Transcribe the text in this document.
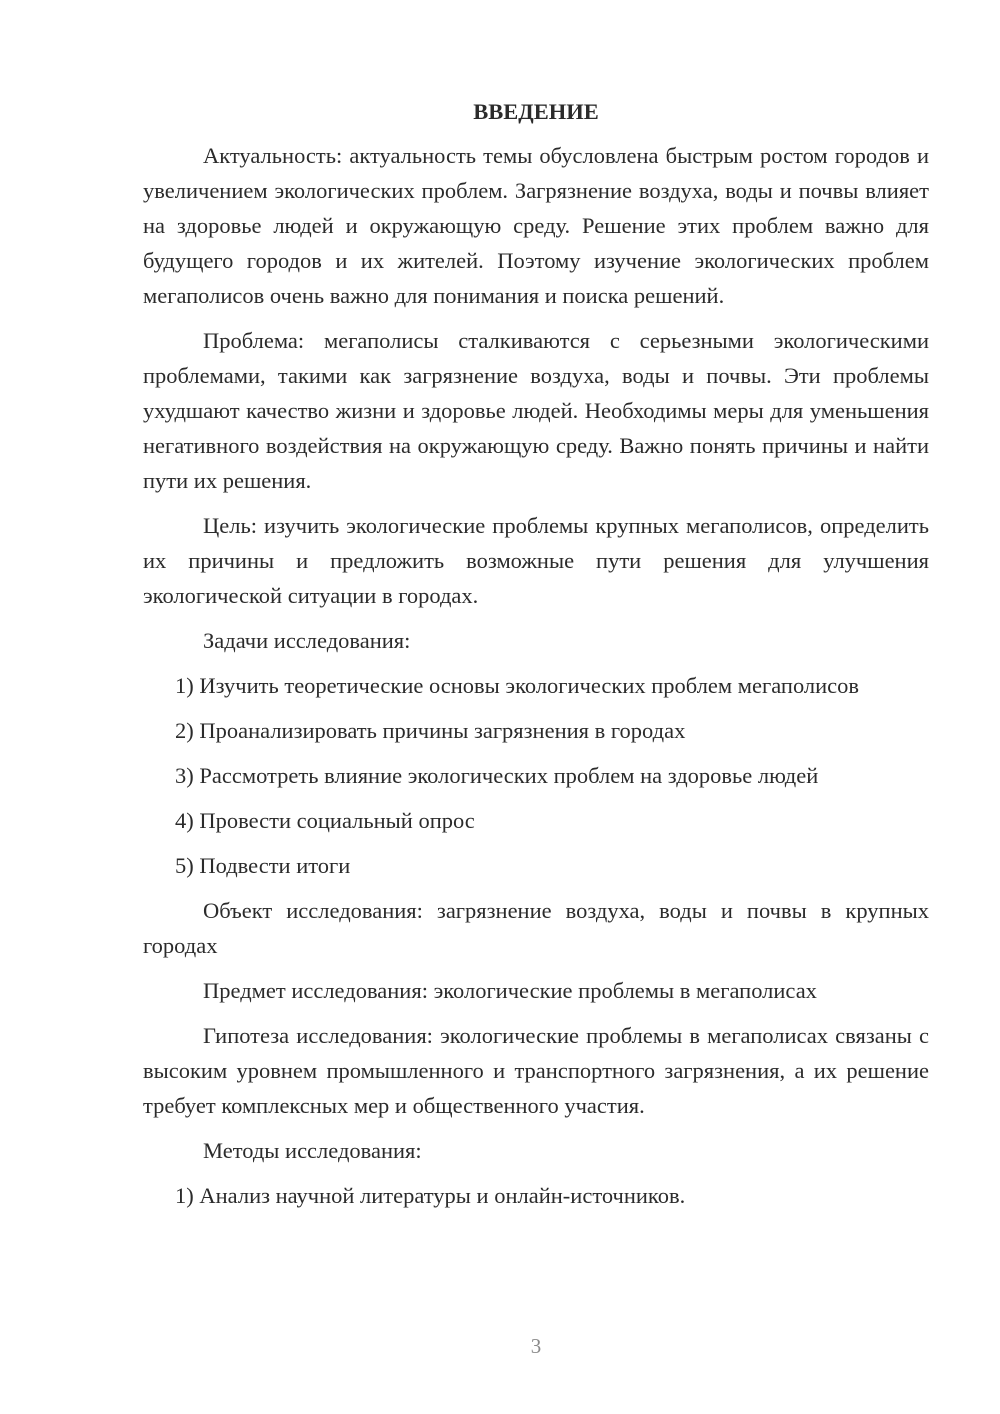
ВВЕДЕНИЕ

Актуальность: актуальность темы обусловлена быстрым ростом городов и увеличением экологических проблем. Загрязнение воздуха, воды и почвы влияет на здоровье людей и окружающую среду. Решение этих проблем важно для будущего городов и их жителей. Поэтому изучение экологических проблем мегаполисов очень важно для понимания и поиска решений.

Проблема: мегаполисы сталкиваются с серьезными экологическими проблемами, такими как загрязнение воздуха, воды и почвы. Эти проблемы ухудшают качество жизни и здоровье людей. Необходимы меры для уменьшения негативного воздействия на окружающую среду. Важно понять причины и найти пути их решения.

Цель: изучить экологические проблемы крупных мегаполисов, определить их причины и предложить возможные пути решения для улучшения экологической ситуации в городах.

Задачи исследования:

1) Изучить теоретические основы экологических проблем мегаполисов

2) Проанализировать причины загрязнения в городах

3) Рассмотреть влияние экологических проблем на здоровье людей

4) Провести социальный опрос

5) Подвести итоги

Объект исследования: загрязнение воздуха, воды и почвы в крупных городах

Предмет исследования: экологические проблемы в мегаполисах

Гипотеза исследования: экологические проблемы в мегаполисах связаны с высоким уровнем промышленного и транспортного загрязнения, а их решение требует комплексных мер и общественного участия.

Методы исследования:

1) Анализ научной литературы и онлайн-источников.

3
